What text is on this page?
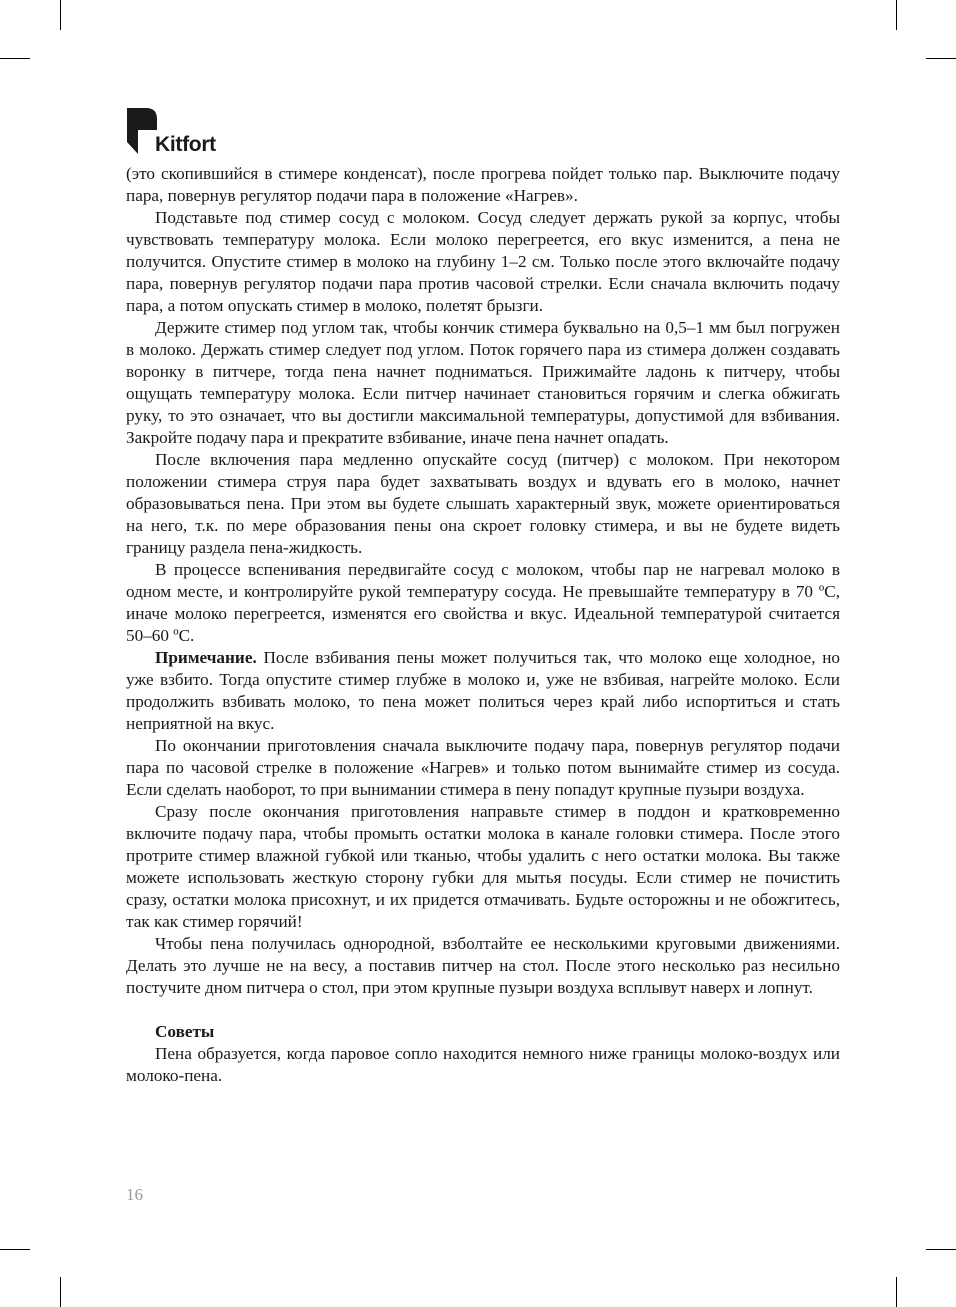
Kitfort

(это скопившийся в стимере конденсат), после прогрева пойдет только пар. Выключите подачу пара, повернув регулятор подачи пара в положение «Нагрев».

Подставьте под стимер сосуд с молоком. Сосуд следует держать рукой за корпус, чтобы чувствовать температуру молока. Если молоко перегреется, его вкус изменится, а пена не получится. Опустите стимер в молоко на глубину 1–2 см. Только после этого включайте подачу пара, повернув регулятор подачи пара против часовой стрелки. Если сначала включить подачу пара, а потом опускать стимер в молоко, полетят брызги.

Держите стимер под углом так, чтобы кончик стимера буквально на 0,5–1 мм был погружен в молоко. Держать стимер следует под углом. Поток горячего пара из стимера должен создавать воронку в питчере, тогда пена начнет подниматься. Прижимайте ладонь к питчеру, чтобы ощущать температуру молока. Если питчер начинает становиться горячим и слегка обжигать руку, то это означает, что вы достигли максимальной температуры, допустимой для взбивания. Закройте подачу пара и прекратите взбивание, иначе пена начнет опадать.

После включения пара медленно опускайте сосуд (питчер) с молоком. При некотором положении стимера струя пара будет захватывать воздух и вдувать его в молоко, начнет образовываться пена. При этом вы будете слышать характерный звук, можете ориентироваться на него, т.к. по мере образования пены она скроет головку стимера, и вы не будете видеть границу раздела пена-жидкость.

В процессе вспенивания передвигайте сосуд с молоком, чтобы пар не нагревал молоко в одном месте, и контролируйте рукой температуру сосуда. Не превышайте температуру в 70 ºС, иначе молоко перегреется, изменятся его свойства и вкус. Идеальной температурой считается 50–60 ºС.

Примечание. После взбивания пены может получиться так, что молоко еще холодное, но уже взбито. Тогда опустите стимер глубже в молоко и, уже не взбивая, нагрейте молоко. Если продолжить взбивать молоко, то пена может политься через край либо испортиться и стать неприятной на вкус.

По окончании приготовления сначала выключите подачу пара, повернув регулятор подачи пара по часовой стрелке в положение «Нагрев» и только потом вынимайте стимер из сосуда. Если сделать наоборот, то при вынимании стимера в пену попадут крупные пузыри воздуха.

Сразу после окончания приготовления направьте стимер в поддон и кратковременно включите подачу пара, чтобы промыть остатки молока в канале головки стимера. После этого протрите стимер влажной губкой или тканью, чтобы удалить с него остатки молока. Вы также можете использовать жесткую сторону губки для мытья посуды. Если стимер не почистить сразу, остатки молока присохнут, и их придется отмачивать. Будьте осторожны и не обожгитесь, так как стимер горячий!

Чтобы пена получилась однородной, взболтайте ее несколькими круговыми движениями. Делать это лучше не на весу, а поставив питчер на стол. После этого несколько раз несильно постучите дном питчера о стол, при этом крупные пузыри воздуха всплывут наверх и лопнут.

Советы

Пена образуется, когда паровое сопло находится немного ниже границы молоко-воздух или молоко-пена.

16
